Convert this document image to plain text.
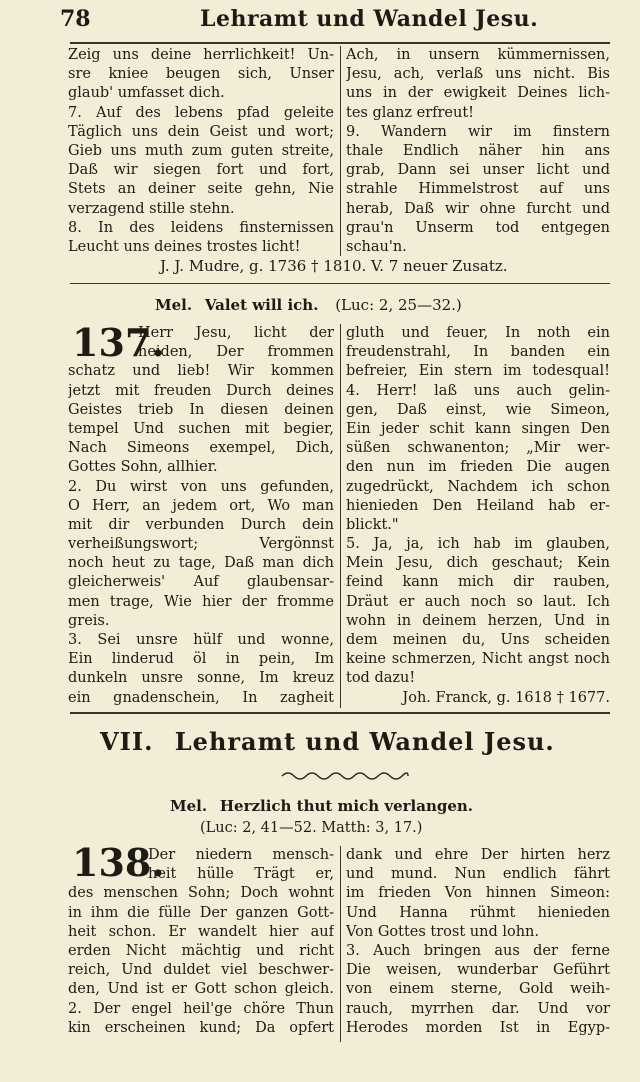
78	Lehramt und Wandel Jesu.
Zeig uns deine herrlichkeit! Un-
sre kniee beugen sich, Unser
glaub' umfasset dich.
7. Auf des lebens pfad geleite
Täglich uns dein Geist und wort;
Gieb uns muth zum guten streite,
Daß wir siegen fort und fort,
Stets an deiner seite gehn, Nie
verzagend stille stehn.
8. In des leidens finsternissen
Leucht uns deines trostes licht!
Ach, in unsern kümmernissen,
Jesu, ach, verlaß uns nicht. Bis
uns in der ewigkeit Deines lich-
tes glanz erfreut!
9. Wandern wir im finstern
thale Endlich näher hin ans
grab, Dann sei unser licht und
strahle Himmelstrost auf uns
herab, Daß wir ohne furcht und
grau'n Unserm tod entgegen
schau'n.
J. J. Mudre, g. 1736 † 1810. V. 7 neuer Zusatz.
Mel. Valet will ich. (Luc: 2, 25—32.)
137.
Herr Jesu, licht der
heiden, Der frommen
schatz und lieb! Wir kommen
jetzt mit freuden Durch deines
Geistes trieb In diesen deinen
tempel Und suchen mit begier,
Nach Simeons exempel, Dich,
Gottes Sohn, allhier.
2. Du wirst von uns gefunden,
O Herr, an jedem ort, Wo man
mit dir verbunden Durch dein
verheißungswort; Vergönnst
noch heut zu tage, Daß man dich
gleicherweis' Auf glaubensar-
men trage, Wie hier der fromme
greis.
3. Sei unsre hülf und wonne,
Ein linderud öl in pein, Im
dunkeln unsre sonne, Im kreuz
ein gnadenschein, In zagheit
gluth und feuer, In noth ein
freudenstrahl, In banden ein
befreier, Ein stern im todesqual!
4. Herr! laß uns auch gelin-
gen, Daß einst, wie Simeon,
Ein jeder schit kann singen Den
süßen schwanenton; „Mir wer-
den nun im frieden Die augen
zugedrückt, Nachdem ich schon
hienieden Den Heiland hab er-
blickt."
5. Ja, ja, ich hab im glauben,
Mein Jesu, dich geschaut; Kein
feind kann mich dir rauben,
Dräut er auch noch so laut. Ich
wohn in deinem herzen, Und in
dem meinen du, Uns scheiden
keine schmerzen, Nicht angst noch
tod dazu!
Joh. Franck, g. 1618 † 1677.
VII. Lehramt und Wandel Jesu.
Mel. Herzlich thut mich verlangen.
(Luc: 2, 41—52. Matth: 3, 17.)
138.
Der niedern mensch-
heit hülle Trägt er,
des menschen Sohn; Doch wohnt
in ihm die fülle Der ganzen Gott-
heit schon. Er wandelt hier auf
erden Nicht mächtig und richt
reich, Und duldet viel beschwer-
den, Und ist er Gott schon gleich.
2. Der engel heil'ge chöre Thun
kin erscheinen kund; Da opfert
dank und ehre Der hirten herz
und mund. Nun endlich fährt
im frieden Von hinnen Simeon:
Und Hanna rühmt hienieden
Von Gottes trost und lohn.
3. Auch bringen aus der ferne
Die weisen, wunderbar Geführt
von einem sterne, Gold weih-
rauch, myrrhen dar. Und vor
Herodes morden Ist in Egyp-
